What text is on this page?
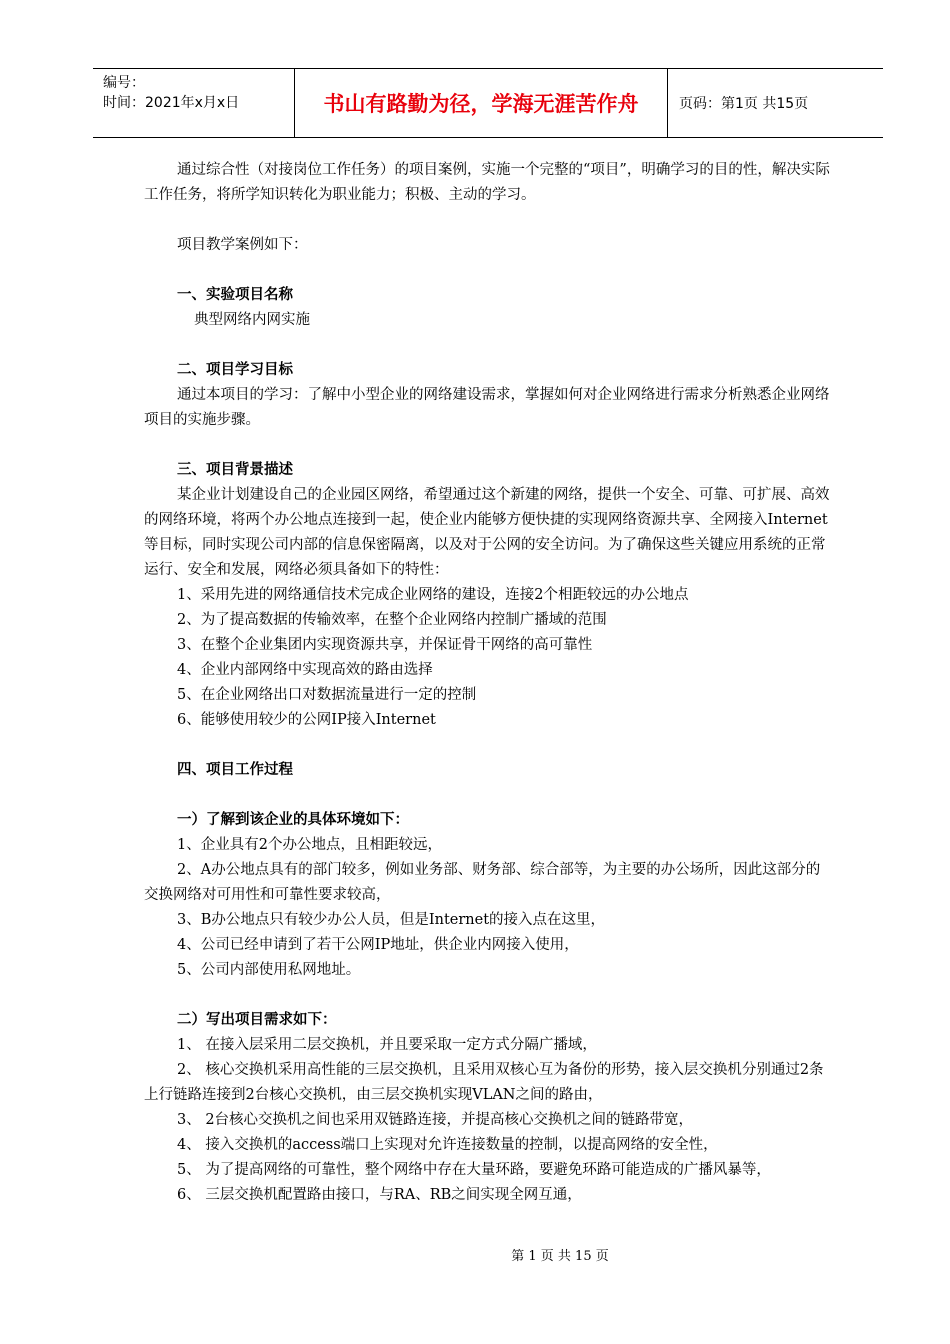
编号：
时间：2021年x月x日	书山有路勤为径，学海无涯苦作舟	页码：第1页 共15页

通过综合性（对接岗位工作任务）的项目案例，实施一个完整的“项目”，明确学习的目的性，解决实际工作任务，将所学知识转化为职业能力；积极、主动的学习。

项目教学案例如下：

一、实验项目名称

典型网络内网实施

二、项目学习目标

通过本项目的学习：了解中小型企业的网络建设需求，掌握如何对企业网络进行需求分析熟悉企业网络项目的实施步骤。

三、项目背景描述

某企业计划建设自己的企业园区网络，希望通过这个新建的网络，提供一个安全、可靠、可扩展、高效的网络环境，将两个办公地点连接到一起，使企业内能够方便快捷的实现网络资源共享、全网接入Internet等目标，同时实现公司内部的信息保密隔离，以及对于公网的安全访问。为了确保这些关键应用系统的正常运行、安全和发展，网络必须具备如下的特性：

1、采用先进的网络通信技术完成企业网络的建设，连接2个相距较远的办公地点

2、为了提高数据的传输效率，在整个企业网络内控制广播域的范围

3、在整个企业集团内实现资源共享，并保证骨干网络的高可靠性

4、企业内部网络中实现高效的路由选择

5、在企业网络出口对数据流量进行一定的控制

6、能够使用较少的公网IP接入Internet

四、项目工作过程

一）了解到该企业的具体环境如下：

1、企业具有2个办公地点，且相距较远，

2、A办公地点具有的部门较多，例如业务部、财务部、综合部等，为主要的办公场所，因此这部分的交换网络对可用性和可靠性要求较高，

3、B办公地点只有较少办公人员，但是Internet的接入点在这里，

4、公司已经申请到了若干公网IP地址，供企业内网接入使用，

5、公司内部使用私网地址。

二）写出项目需求如下：

1、 在接入层采用二层交换机，并且要采取一定方式分隔广播域，

2、 核心交换机采用高性能的三层交换机，且采用双核心互为备份的形势，接入层交换机分别通过2条上行链路连接到2台核心交换机，由三层交换机实现VLAN之间的路由，

3、 2台核心交换机之间也采用双链路连接，并提高核心交换机之间的链路带宽，

4、 接入交换机的access端口上实现对允许连接数量的控制，以提高网络的安全性，

5、 为了提高网络的可靠性，整个网络中存在大量环路，要避免环路可能造成的广播风暴等，

6、 三层交换机配置路由接口，与RA、RB之间实现全网互通，

第 1 页 共 15 页
